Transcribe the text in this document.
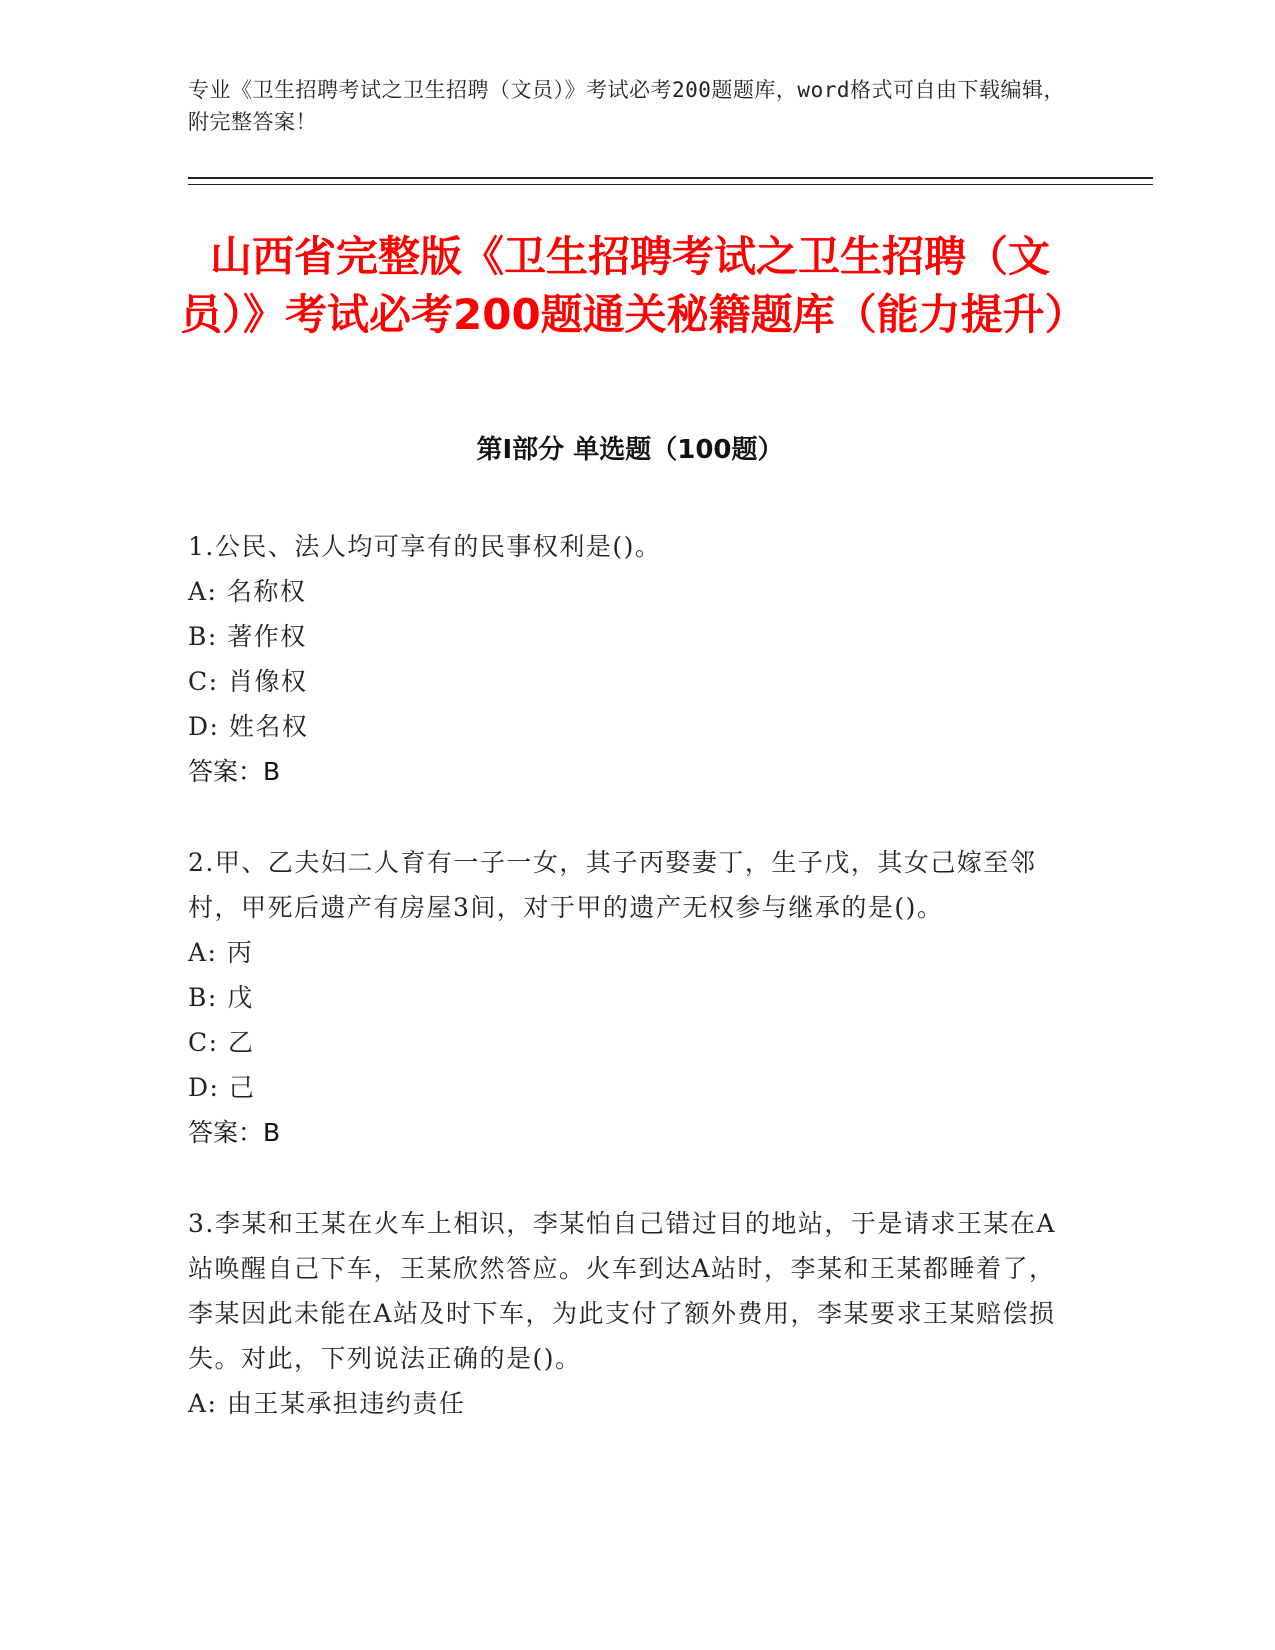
专业《卫生招聘考试之卫生招聘（文员）》考试必考200题题库，word格式可自由下载编辑，附完整答案！
山西省完整版《卫生招聘考试之卫生招聘（文员）》考试必考200题通关秘籍题库（能力提升）
第I部分 单选题（100题）
1.公民、法人均可享有的民事权利是()。
A: 名称权
B: 著作权
C: 肖像权
D: 姓名权
答案：B
2.甲、乙夫妇二人育有一子一女，其子丙娶妻丁，生子戊，其女己嫁至邻村，甲死后遗产有房屋3间，对于甲的遗产无权参与继承的是()。
A: 丙
B: 戊
C: 乙
D: 己
答案：B
3.李某和王某在火车上相识，李某怕自己错过目的地站，于是请求王某在A站唤醒自己下车，王某欣然答应。火车到达A站时，李某和王某都睡着了，李某因此未能在A站及时下车，为此支付了额外费用，李某要求王某赔偿损失。对此，下列说法正确的是()。
A: 由王某承担违约责任
